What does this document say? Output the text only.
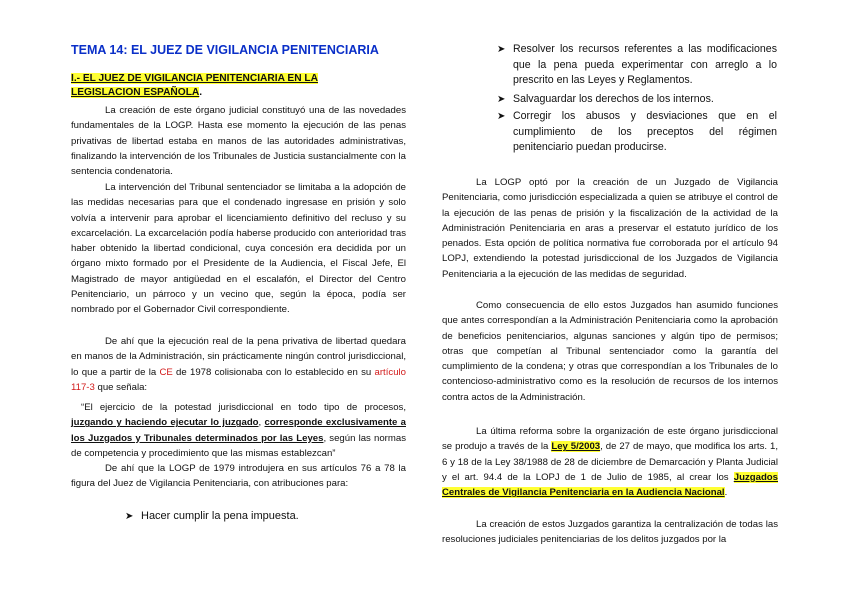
TEMA 14: EL JUEZ DE VIGILANCIA PENITENCIARIA
I.- EL JUEZ DE VIGILANCIA PENITENCIARIA EN LA LEGISLACION ESPAÑOLA.
La creación de este órgano judicial constituyó una de las novedades fundamentales de la LOGP. Hasta ese momento la ejecución de las penas privativas de libertad estaba en manos de las autoridades administrativas, finalizando la intervención de los Tribunales de Justicia sustancialmente con la sentencia condenatoria.
La intervención del Tribunal sentenciador se limitaba a la adopción de las medidas necesarias para que el condenado ingresase en prisión y solo volvía a intervenir para aprobar el licenciamiento definitivo del recluso y su excarcelación. La excarcelación podía haberse producido con anterioridad tras haber obtenido la libertad condicional, cuya concesión era decidida por un órgano mixto formado por el Presidente de la Audiencia, el Fiscal Jefe, El Magistrado de mayor antigüedad en el escalafón, el Director del Centro Penitenciario, un párroco y un vecino que, según la época, podía ser nombrado por el Gobernador Civil correspondiente.
De ahí que la ejecución real de la pena privativa de libertad quedara en manos de la Administración, sin prácticamente ningún control jurisdiccional, lo que a partir de la CE de 1978 colisionaba con lo establecido en su artículo 117-3 que señala:
“El ejercicio de la potestad jurisdiccional en todo tipo de procesos, juzgando y haciendo ejecutar lo juzgado, corresponde exclusivamente a los Juzgados y Tribunales determinados por las Leyes, según las normas de competencia y procedimiento que las mismas establezcan”
De ahí que la LOGP de 1979 introdujera en sus artículos 76 a 78 la figura del Juez de Vigilancia Penitenciaria, con atribuciones para:
➤ Hacer cumplir la pena impuesta.
➤ Resolver los recursos referentes a las modificaciones que la pena pueda experimentar con arreglo a lo prescrito en las Leyes y Reglamentos.
➤ Salvaguardar los derechos de los internos.
➤ Corregir los abusos y desviaciones que en el cumplimiento de los preceptos del régimen penitenciario puedan producirse.
La LOGP optó por la creación de un Juzgado de Vigilancia Penitenciaria, como jurisdicción especializada a quien se atribuye el control de la ejecución de las penas de prisión y la fiscalización de la actividad de la Administración Penitenciaria en aras a preservar el estatuto jurídico de los penados. Esta opción de política normativa fue corroborada por el artículo 94 LOPJ, extendiendo la potestad jurisdiccional de los Juzgados de Vigilancia Penitenciaria a la ejecución de las medidas de seguridad.
Como consecuencia de ello estos Juzgados han asumido funciones que antes correspondían a la Administración Penitenciaria como la aprobación de beneficios penitenciarios, algunas sanciones y algún tipo de permisos; otras que competían al Tribunal sentenciador como la garantía del cumplimiento de la condena; y otras que correspondían a los Tribunales de lo contencioso-administrativo como es la resolución de recursos de los internos contra actos de la Administración.
La última reforma sobre la organización de este órgano jurisdiccional se produjo a través de la Ley 5/2003, de 27 de mayo, que modifica los arts. 1, 6 y 18 de la Ley 38/1988 de 28 de diciembre de Demarcación y Planta Judicial y el art. 94.4 de la LOPJ de 1 de Julio de 1985, al crear los Juzgados Centrales de Vigilancia Penitenciaria en la Audiencia Nacional.
La creación de estos Juzgados garantiza la centralización de todas las resoluciones judiciales penitenciarias de los delitos juzgados por la
